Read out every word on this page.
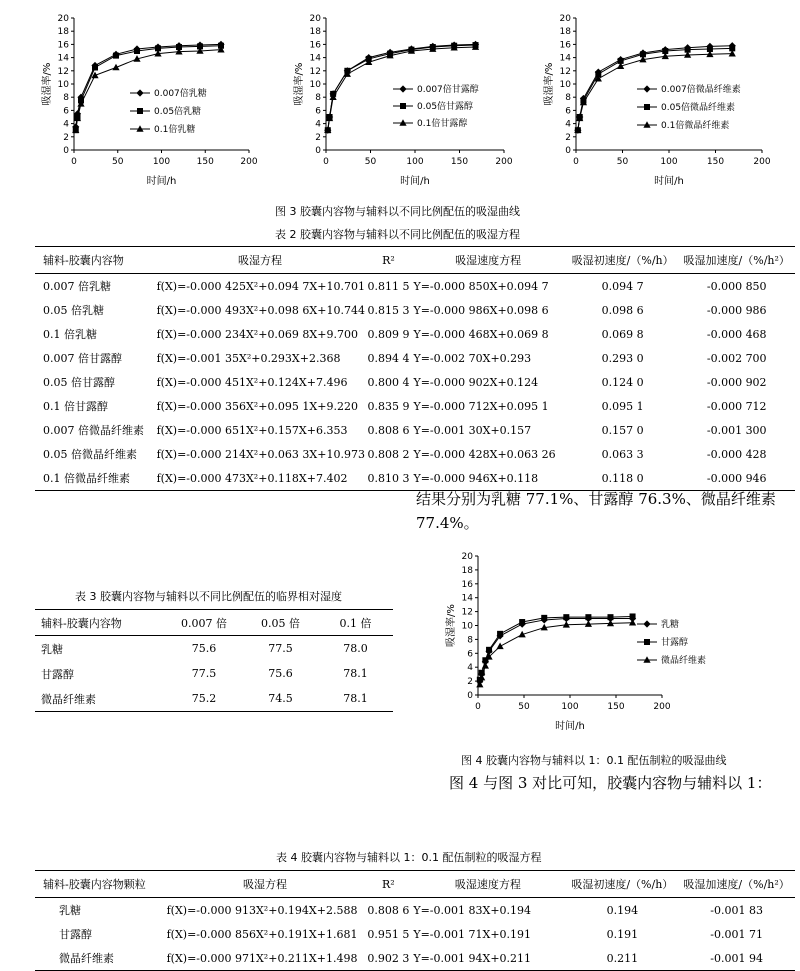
0
2
4
6
8
10
12
14
16
18
20
0	50	100	150	200
时间/h
吸湿率/%	0.007倍乳糖
0.05倍乳糖
0.1倍乳糖
0
2
4
6
8
10
12
14
16
18
20
0	50	100	150	200
时间/h
吸湿率/%	0.007倍甘露醇
0.05倍甘露醇
0.1倍甘露醇
0
2
4
6
8
10
12
14
16
18
20
0	50	100	150	200
时间/h
吸湿率/%	0.007倍微晶纤维素
0.05倍微晶纤维素
0.1倍微晶纤维素
图 3 胶囊内容物与辅料以不同比例配伍的吸湿曲线
表 2 胶囊内容物与辅料以不同比例配伍的吸湿方程
辅料-胶囊内容物	吸湿方程	R²	吸湿速度方程	吸湿初速度/（%/h）	吸湿加速度/（%/h²）
0.007 倍乳糖	f(X)=-0.000 425X²+0.094 7X+10.701	0.811 5	Y=-0.000 850X+0.094 7	0.094 7	-0.000 850
0.05 倍乳糖	f(X)=-0.000 493X²+0.098 6X+10.744	0.815 3	Y=-0.000 986X+0.098 6	0.098 6	-0.000 986
0.1 倍乳糖	f(X)=-0.000 234X²+0.069 8X+9.700	0.809 9	Y=-0.000 468X+0.069 8	0.069 8	-0.000 468
0.007 倍甘露醇	f(X)=-0.001 35X²+0.293X+2.368	0.894 4	Y=-0.002 70X+0.293	0.293 0	-0.002 700
0.05 倍甘露醇	f(X)=-0.000 451X²+0.124X+7.496	0.800 4	Y=-0.000 902X+0.124	0.124 0	-0.000 902
0.1 倍甘露醇	f(X)=-0.000 356X²+0.095 1X+9.220	0.835 9	Y=-0.000 712X+0.095 1	0.095 1	-0.000 712
0.007 倍微晶纤维素	f(X)=-0.000 651X²+0.157X+6.353	0.808 6	Y=-0.001 30X+0.157	0.157 0	-0.001 300
0.05 倍微晶纤维素	f(X)=-0.000 214X²+0.063 3X+10.973	0.808 2	Y=-0.000 428X+0.063 26	0.063 3	-0.000 428
0.1 倍微晶纤维素	f(X)=-0.000 473X²+0.118X+7.402	0.810 3	Y=-0.000 946X+0.118	0.118 0	-0.000 946
结果分别为乳糖 77.1%、甘露醇 76.3%、微晶纤维素
77.4%。
0
2
4
6
8
10
12
14
16
18
20
0	50	100	150	200
时间/h
吸湿率/%	乳糖
甘露醇
微晶纤维素
图 4 胶囊内容物与辅料以 1：0.1 配伍制粒的吸湿曲线
图 4 与图 3 对比可知，胶囊内容物与辅料以 1：
表 3 胶囊内容物与辅料以不同比例配伍的临界相对湿度
辅料-胶囊内容物	0.007 倍	0.05 倍	0.1 倍
乳糖	75.6	77.5	78.0
甘露醇	77.5	75.6	78.1
微晶纤维素	75.2	74.5	78.1
表 4 胶囊内容物与辅料以 1：0.1 配伍制粒的吸湿方程
辅料-胶囊内容物颗粒	吸湿方程	R²	吸湿速度方程	吸湿初速度/（%/h）	吸湿加速度/（%/h²）
乳糖	f(X)=-0.000 913X²+0.194X+2.588	0.808 6	Y=-0.001 83X+0.194	0.194	-0.001 83
甘露醇	f(X)=-0.000 856X²+0.191X+1.681	0.951 5	Y=-0.001 71X+0.191	0.191	-0.001 71
微晶纤维素	f(X)=-0.000 971X²+0.211X+1.498	0.902 3	Y=-0.001 94X+0.211	0.211	-0.001 94
